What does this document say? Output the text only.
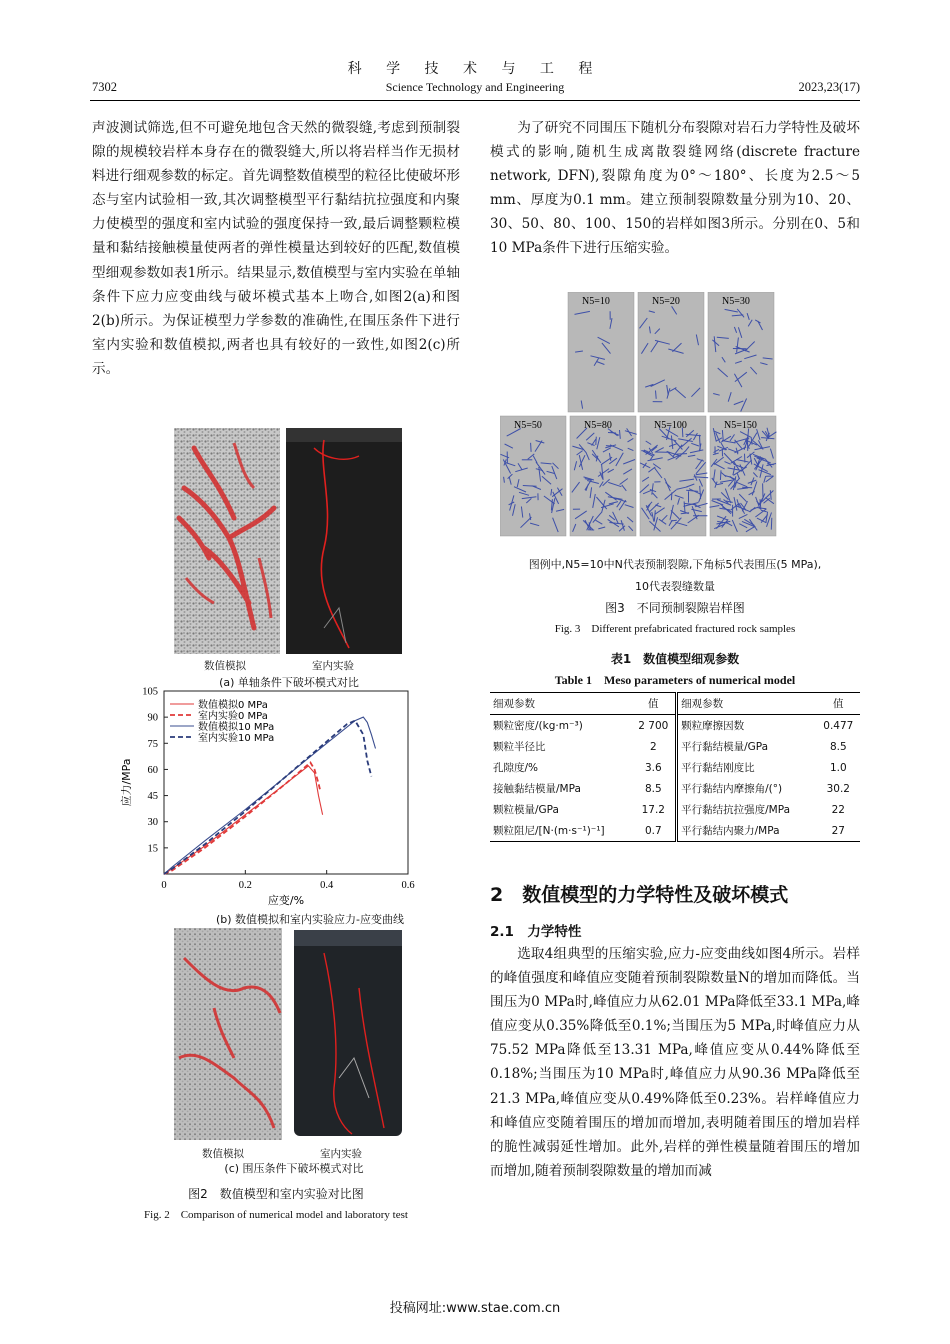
科 学 技 术 与 工 程
Science Technology and Engineering
7302	2023,23(17)

声波测试筛选,但不可避免地包含天然的微裂缝,考虑到预制裂隙的规模较岩样本身存在的微裂缝大,所以将岩样当作无损材料进行细观参数的标定。首先调整数值模型的粒径比使破坏形态与室内试验相一致,其次调整模型平行黏结抗拉强度和内聚力使模型的强度和室内试验的强度保持一致,最后调整颗粒模量和黏结接触模量使两者的弹性模量达到较好的匹配,数值模型细观参数如表1所示。结果显示,数值模型与室内实验在单轴条件下应力应变曲线与破坏模式基本上吻合,如图2(a)和图2(b)所示。为保证模型力学参数的准确性,在围压条件下进行室内实验和数值模拟,两者也具有较好的一致性,如图2(c)所示。

数值模拟	室内实验
(a) 单轴条件下破坏模式对比
15
30
45
60
75
90
105
0	0.2	0.4	0.6
应变/%
应力/MPa
数值模拟0 MPa
室内实验0 MPa
数值模拟10 MPa
室内实验10 MPa
(b) 数值模拟和室内实验应力-应变曲线
数值模拟	室内实验
(c) 围压条件下破坏模式对比
图2　数值模型和室内实验对比图
Fig. 2　Comparison of numerical model and laboratory test

为了研究不同围压下随机分布裂隙对岩石力学特性及破坏模式的影响,随机生成离散裂缝网络(discrete fracture network, DFN),裂隙角度为0°～180°、长度为2.5～5 mm、厚度为0.1 mm。建立预制裂隙数量分别为10、20、30、50、80、100、150的岩样如图3所示。分别在0、5和10 MPa条件下进行压缩实验。

N5=10	N5=20	N5=30
N5=50	N5=80	N5=100	N5=150
图例中,N5=10中N代表预制裂隙,下角标5代表围压(5 MPa),
10代表裂缝数量
图3　不同预制裂隙岩样图
Fig. 3　Different prefabricated fractured rock samples
表1　数值模型细观参数
Table 1　Meso parameters of numerical model
细观参数	值	细观参数	值
颗粒密度/(kg·m⁻³)	2 700	颗粒摩擦因数	0.477
颗粒半径比	2	平行黏结模量/GPa	8.5
孔隙度/%	3.6	平行黏结刚度比	1.0
接触黏结模量/MPa	8.5	平行黏结内摩擦角/(°)	30.2
颗粒模量/GPa	17.2	平行黏结抗拉强度/MPa	22
颗粒阻尼/[N·(m·s⁻¹)⁻¹]	0.7	平行黏结内聚力/MPa	27
2　数值模型的力学特性及破坏模式
2.1　力学特性

选取4组典型的压缩实验,应力-应变曲线如图4所示。岩样的峰值强度和峰值应变随着预制裂隙数量N的增加而降低。当围压为0 MPa时,峰值应力从62.01 MPa降低至33.1 MPa,峰值应变从0.35%降低至0.1%;当围压为5 MPa,时峰值应力从75.52 MPa降低至13.31 MPa,峰值应变从0.44%降低至0.18%;当围压为10 MPa时,峰值应力从90.36 MPa降低至21.3 MPa,峰值应变从0.49%降低至0.23%。岩样峰值应力和峰值应变随着围压的增加而增加,表明随着围压的增加岩样的脆性减弱延性增加。此外,岩样的弹性模量随着围压的增加而增加,随着预制裂隙数量的增加而减

投稿网址:www.stae.com.cn
